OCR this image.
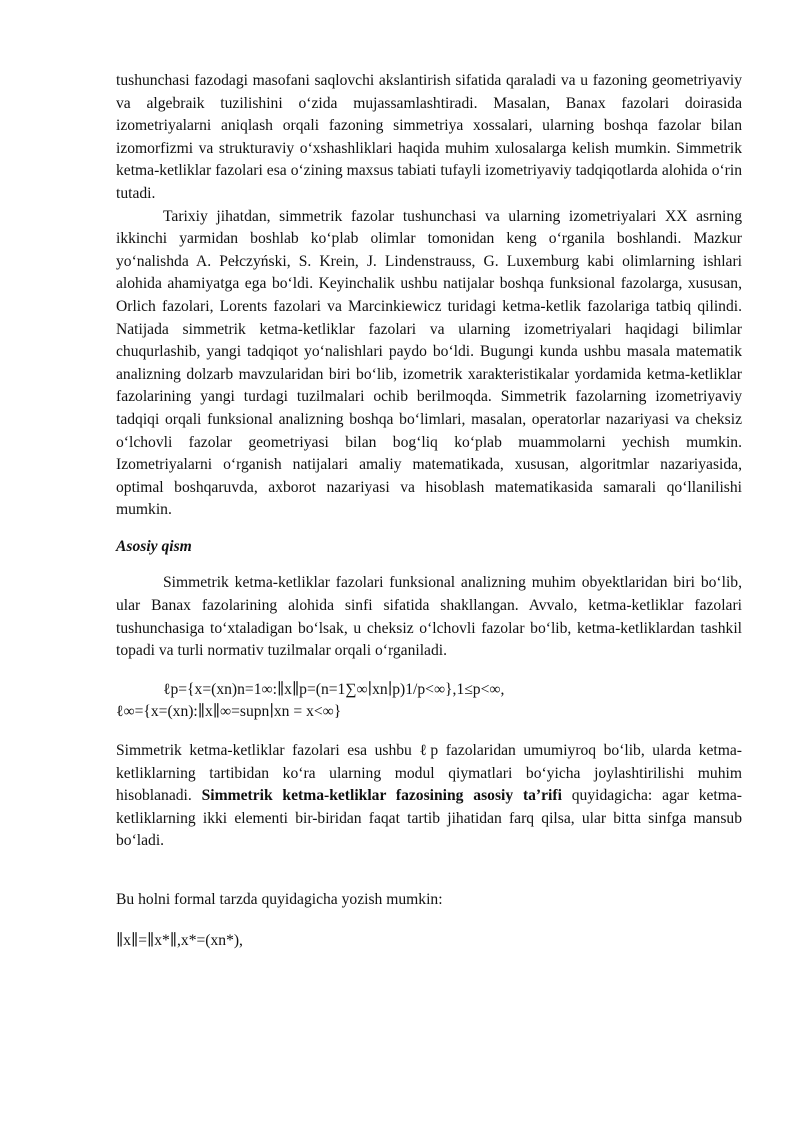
tushunchasi fazodagi masofani saqlovchi akslantirish sifatida qaraladi va u fazoning geometriyaviy va algebraik tuzilishini o‘zida mujassamlashtiradi. Masalan, Banax fazolari doirasida izometriyalarni aniqlash orqali fazoning simmetriya xossalari, ularning boshqa fazolar bilan izomorfizmi va strukturaviy o‘xshashliklari haqida muhim xulosalarga kelish mumkin. Simmetrik ketma-ketliklar fazolari esa o‘zining maxsus tabiati tufayli izometriyaviy tadqiqotlarda alohida o‘rin tutadi.

Tarixiy jihatdan, simmetrik fazolar tushunchasi va ularning izometriyalari XX asrning ikkinchi yarmidan boshlab ko‘plab olimlar tomonidan keng o‘rganila boshlandi. Mazkur yo‘nalishda A. Pełczyński, S. Krein, J. Lindenstrauss, G. Luxemburg kabi olimlarning ishlari alohida ahamiyatga ega bo‘ldi. Keyinchalik ushbu natijalar boshqa funksional fazolarga, xususan, Orlich fazolari, Lorents fazolari va Marcinkiewicz turidagi ketma-ketlik fazolariga tatbiq qilindi. Natijada simmetrik ketma-ketliklar fazolari va ularning izometriyalari haqidagi bilimlar chuqurlashib, yangi tadqiqot yo‘nalishlari paydo bo‘ldi. Bugungi kunda ushbu masala matematik analizning dolzarb mavzularidan biri bo‘lib, izometrik xarakteristikalar yordamida ketma-ketliklar fazolarining yangi turdagi tuzilmalari ochib berilmoqda. Simmetrik fazolarning izometriyaviy tadqiqi orqali funksional analizning boshqa bo‘limlari, masalan, operatorlar nazariyasi va cheksiz o‘lchovli fazolar geometriyasi bilan bog‘liq ko‘plab muammolarni yechish mumkin. Izometriyalarni o‘rganish natijalari amaliy matematikada, xususan, algoritmlar nazariyasida, optimal boshqaruvda, axborot nazariyasi va hisoblash matematikasida samarali qo‘llanilishi mumkin.

Asosiy qism

Simmetrik ketma-ketliklar fazolari funksional analizning muhim obyektlaridan biri bo‘lib, ular Banax fazolarining alohida sinfi sifatida shakllangan. Avvalo, ketma-ketliklar fazolari tushunchasiga to‘xtaladigan bo‘lsak, u cheksiz o‘lchovli fazolar bo‘lib, ketma-ketliklardan tashkil topadi va turli normativ tuzilmalar orqali o‘rganiladi.

ℓp={x=(xn)n=1∞:∥x∥p=(n=1∑∞∣xn∣p)1/p<∞},1≤p<∞,
ℓ∞={x=(xn):∥x∥∞=supn∣xn = x<∞}

Simmetrik ketma-ketliklar fazolari esa ushbu ℓp fazolaridan umumiyroq bo‘lib, ularda ketma-ketliklarning tartibidan ko‘ra ularning modul qiymatlari bo‘yicha joylashtirilishi muhim hisoblanadi. Simmetrik ketma-ketliklar fazosining asosiy ta’rifi quyidagicha: agar ketma-ketliklarning ikki elementi bir-biridan faqat tartib jihatidan farq qilsa, ular bitta sinfga mansub bo‘ladi.

Bu holni formal tarzda quyidagicha yozish mumkin:

∥x∥=∥x*∥,x*=(xn*),
